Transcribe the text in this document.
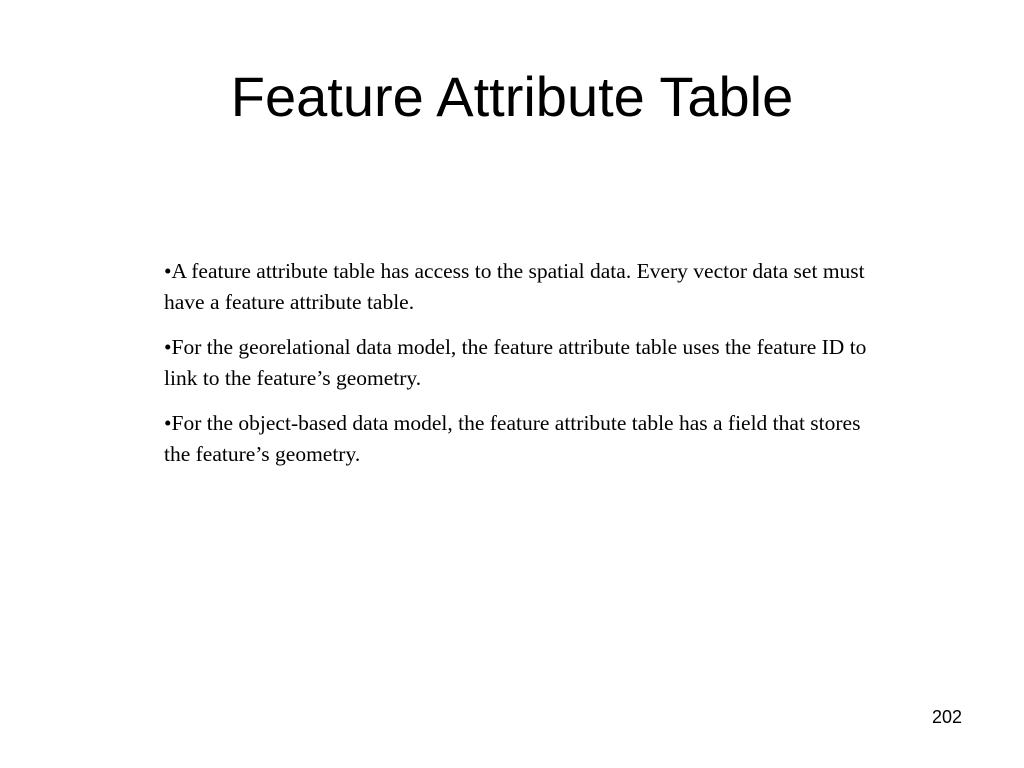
Feature Attribute Table
•A feature attribute table has access to the spatial data. Every vector data set must have a feature attribute table.
•For the georelational data model, the feature attribute table uses the feature ID to link to the feature’s geometry.
•For the object-based data model, the feature attribute table has a field that stores the feature’s geometry.
202
